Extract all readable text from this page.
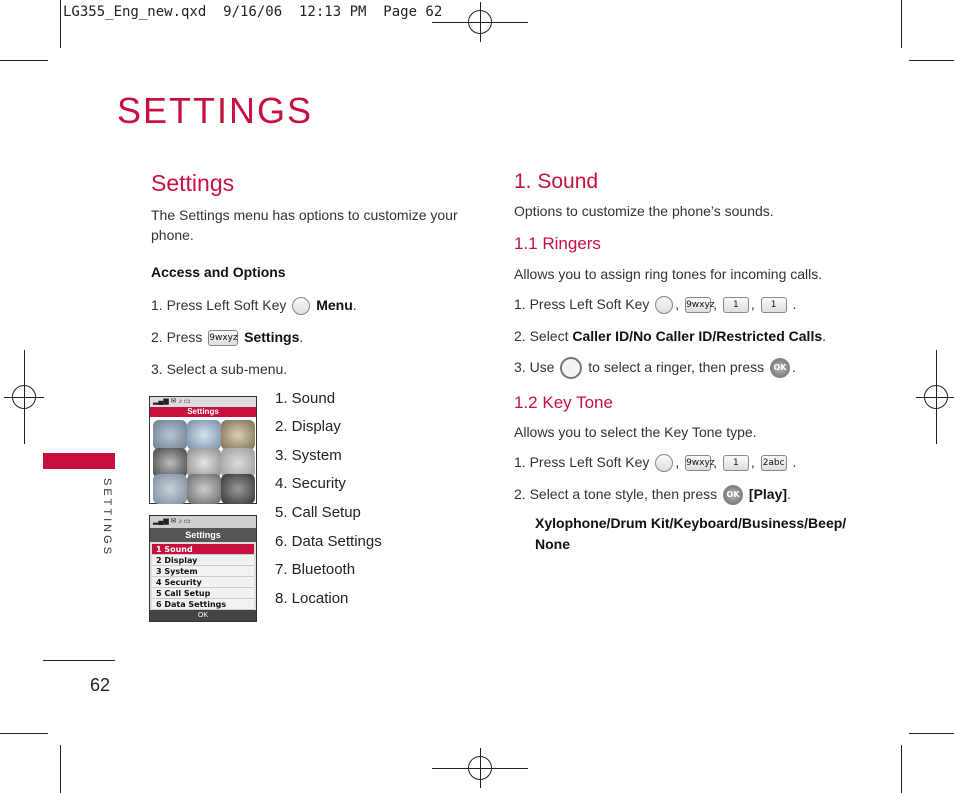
LG355_Eng_new.qxd  9/16/06  12:13 PM  Page 62
SETTINGS
SETTINGS
62
Settings
The Settings menu has options to customize your phone.
Access and Options
1. Press Left Soft Key Menu.
2. Press 9wxyz Settings.
3. Select a sub-menu.
▂▄▆ ✉ ♪ ▭
Settings
▂▄▆ ✉ ♪ ▭
Settings
1 Sound
2 Display
3 System
4 Security
5 Call Setup
6 Data Settings
OK
1. Sound
2. Display
3. System
4. Security
5. Call Setup
6. Data Settings
7. Bluetooth
8. Location
1. Sound
Options to customize the phone’s sounds.
1.1 Ringers
Allows you to assign ring tones for incoming calls.
1. Press Left Soft Key , 9wxyz, 1 , 1 .
2. Select Caller ID/No Caller ID/Restricted Calls.
3. Use to select a ringer, then press OK .
1.2 Key Tone
Allows you to select the Key Tone type.
1. Press Left Soft Key , 9wxyz, 1 , 2abc .
2. Select a tone style, then press OK [Play].
Xylophone/Drum Kit/Keyboard/Business/Beep/
None
